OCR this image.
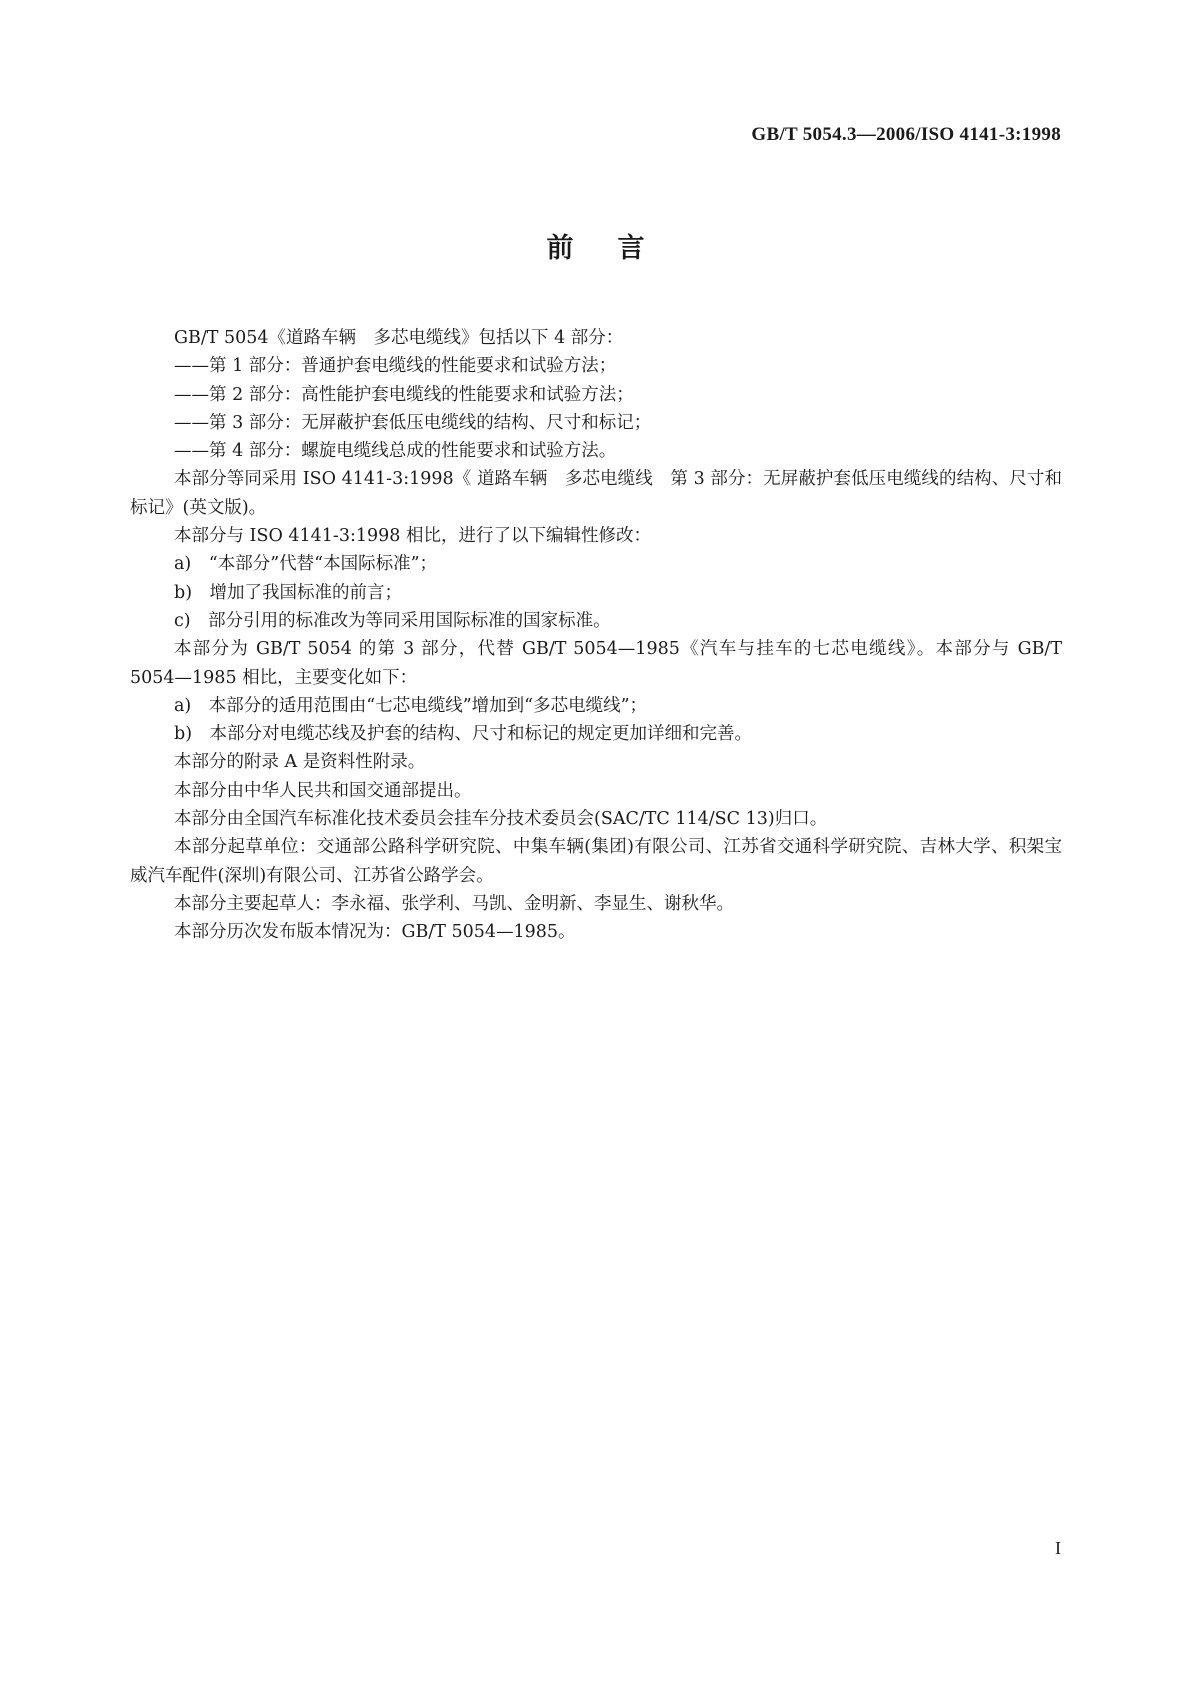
GB/T 5054.3—2006/ISO 4141-3:1998
前言

GB/T 5054《道路车辆　多芯电缆线》包括以下 4 部分：

——第 1 部分：普通护套电缆线的性能要求和试验方法；

——第 2 部分：高性能护套电缆线的性能要求和试验方法；

——第 3 部分：无屏蔽护套低压电缆线的结构、尺寸和标记；

——第 4 部分：螺旋电缆线总成的性能要求和试验方法。

本部分等同采用 ISO 4141-3:1998《 道路车辆　多芯电缆线　第 3 部分：无屏蔽护套低压电缆线的结构、尺寸和标记》(英文版)。

本部分与 ISO 4141-3:1998 相比，进行了以下编辑性修改：

a)　“本部分”代替“本国际标准”；

b)　增加了我国标准的前言；

c)　部分引用的标准改为等同采用国际标准的国家标准。

本部分为 GB/T 5054 的第 3 部分，代替 GB/T 5054—1985《汽车与挂车的七芯电缆线》。本部分与 GB/T 5054—1985 相比，主要变化如下：

a)　本部分的适用范围由“七芯电缆线”增加到“多芯电缆线”；

b)　本部分对电缆芯线及护套的结构、尺寸和标记的规定更加详细和完善。

本部分的附录 A 是资料性附录。

本部分由中华人民共和国交通部提出。

本部分由全国汽车标准化技术委员会挂车分技术委员会(SAC/TC 114/SC 13)归口。

本部分起草单位：交通部公路科学研究院、中集车辆(集团)有限公司、江苏省交通科学研究院、吉林大学、积架宝威汽车配件(深圳)有限公司、江苏省公路学会。

本部分主要起草人：李永福、张学利、马凯、金明新、李显生、谢秋华。

本部分历次发布版本情况为：GB/T 5054—1985。

I
